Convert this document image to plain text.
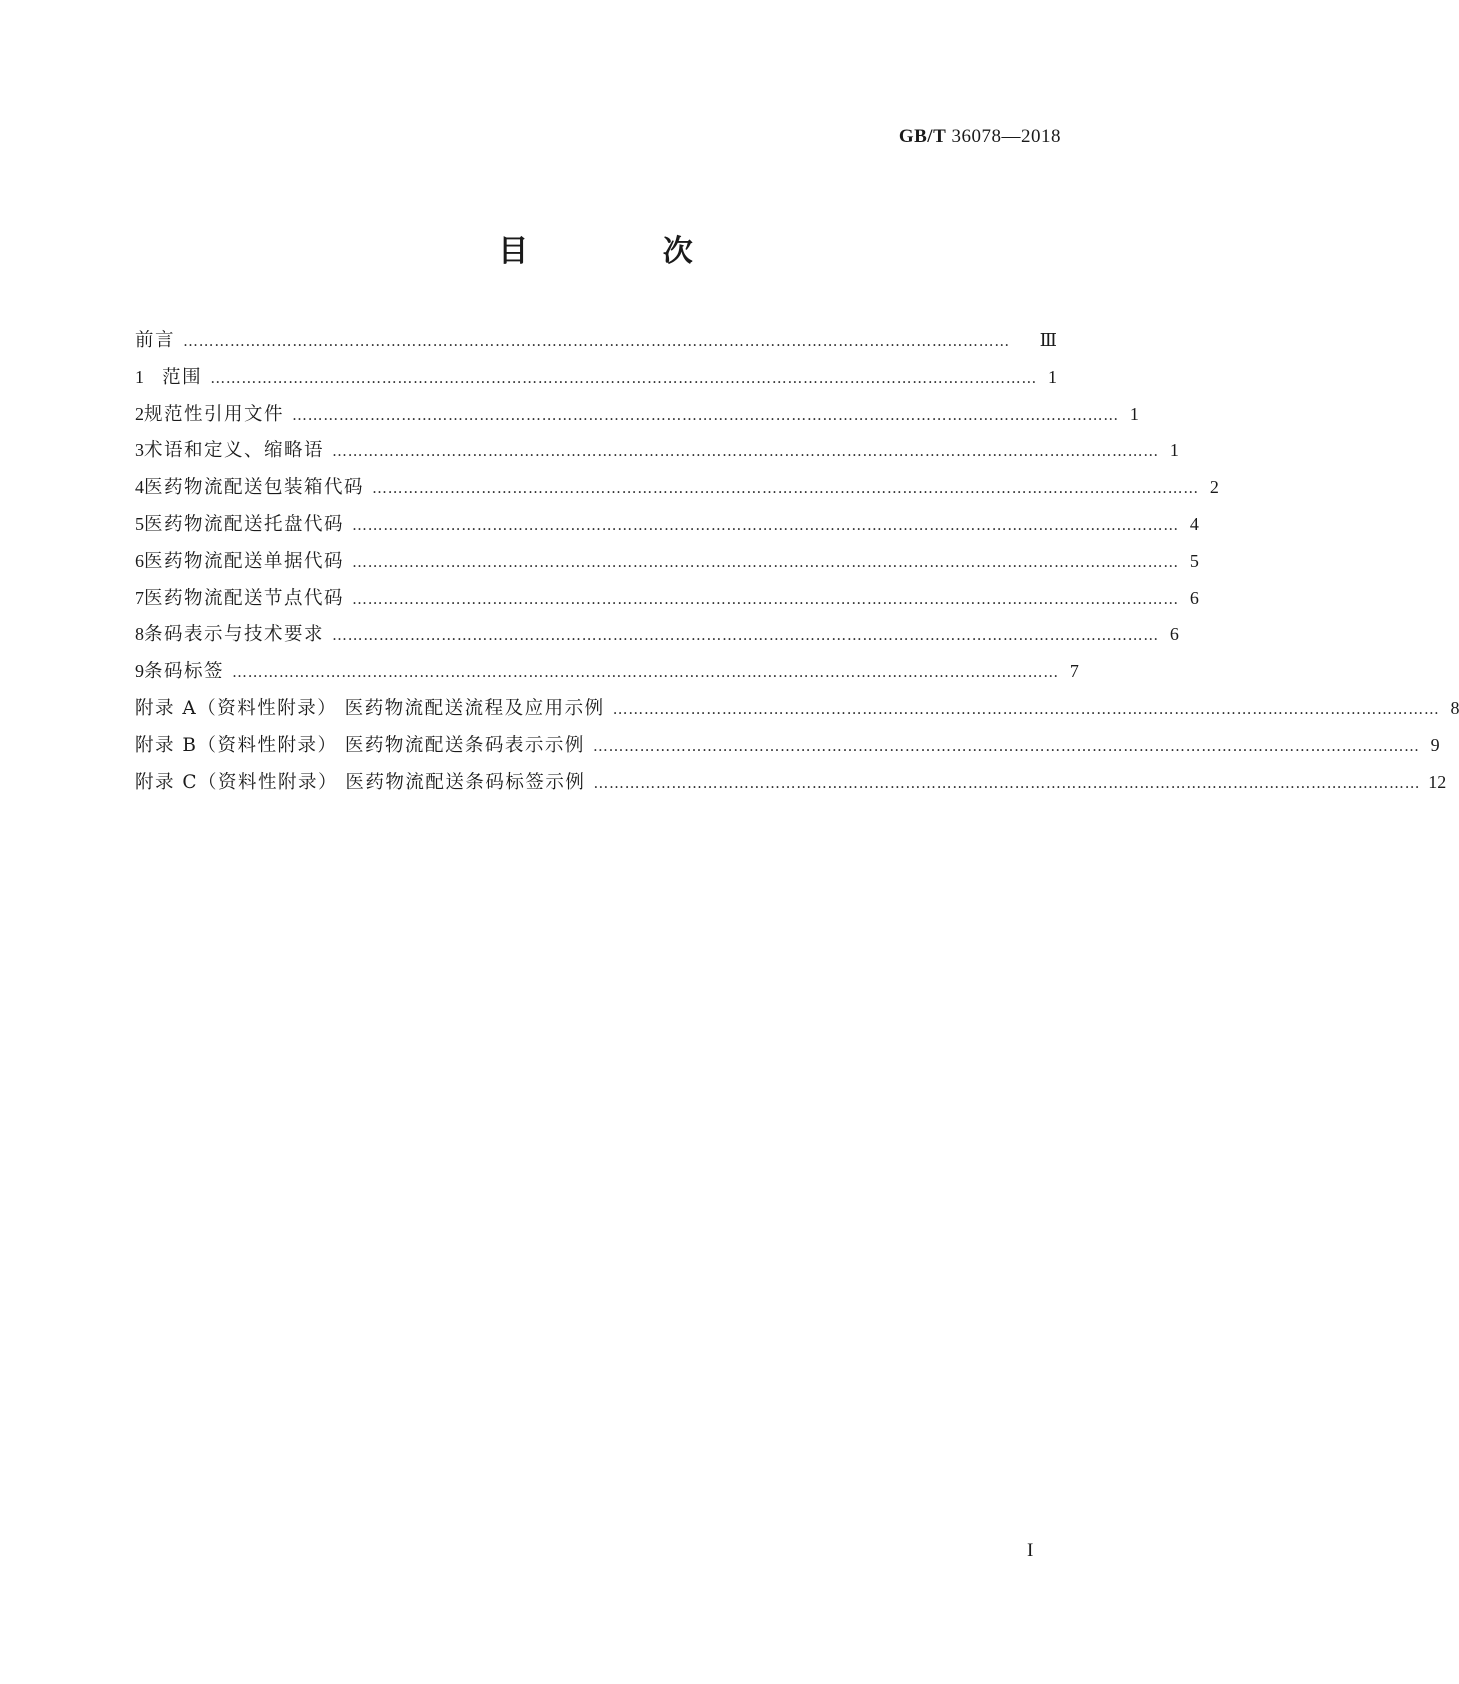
GB/T 36078—2018
目 次
前言 ……………………………………………………………………………………………………………………………………………	Ⅲ
1 范围 …………………………………………………………………………………………………………………………………………… 1
2 规范性引用文件 …………………………………………………………………………………………………………………………………………… 1
3 术语和定义、缩略语 …………………………………………………………………………………………………………………………………………… 1
4 医药物流配送包装箱代码 …………………………………………………………………………………………………………………………………………… 2
5 医药物流配送托盘代码 …………………………………………………………………………………………………………………………………………… 4
6 医药物流配送单据代码 …………………………………………………………………………………………………………………………………………… 5
7 医药物流配送节点代码 …………………………………………………………………………………………………………………………………………… 6
8 条码表示与技术要求 …………………………………………………………………………………………………………………………………………… 6
9 条码标签 …………………………………………………………………………………………………………………………………………… 7
附录 A（资料性附录） 医药物流配送流程及应用示例 …………………………………………………………………………………………………………………………………………… 8
附录 B（资料性附录） 医药物流配送条码表示示例 …………………………………………………………………………………………………………………………………………… 9
附录 C（资料性附录） 医药物流配送条码标签示例 …………………………………………………………………………………………………………………………………………… 12
I
